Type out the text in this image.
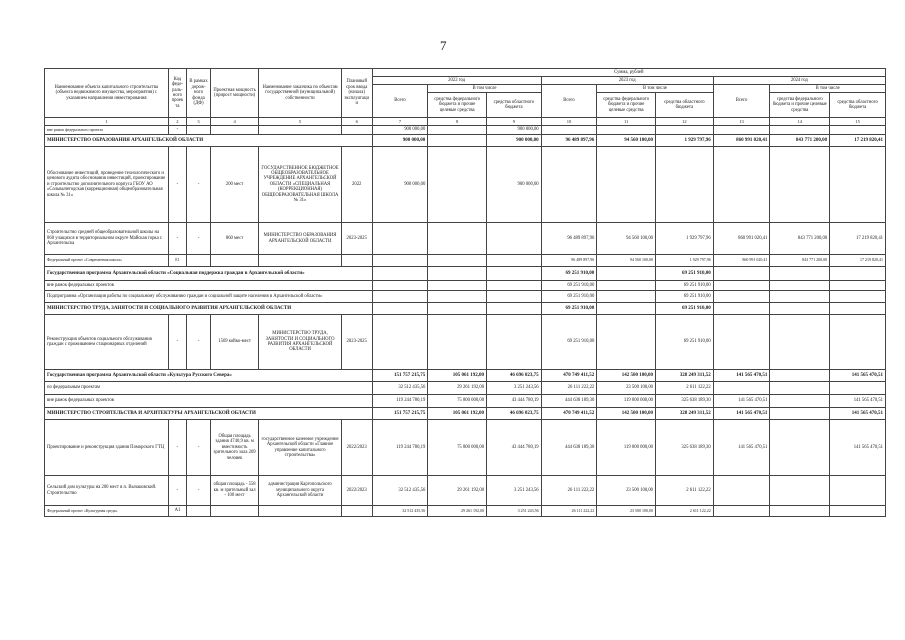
7
Наименование объекта капитального строительства (объекта недвижимого имущества, мероприятия) с указанием направления инвестирования	Код феде-раль-ного проекта	В рамках дорож-ного фонда (ДФ)	Проектная мощность (прирост мощности)	Наименование заказчика по объектам государственной (муниципальной) собственности	Плановый срок ввода (начала) эксплуатации	Сумма, рублей								
						2022 год			2023 год			2024 год		
						Всего	В том числе		Всего	В том числе		Всего	В том числе	
							средства федерального бюджета и прочие целевые средства	средства областного бюджета		средства федерального бюджета и прочие целевые средства	средства областного бюджета		средства федерального бюджета и прочие целевые средства	средства областного бюджета
1	2	3	4	5	6	7	8	9	10	11	12	13	14	15
вне рамок федерального проекта	-					900 000,00		900 000,00						
МИНИСТЕРСТВО ОБРАЗОВАНИЯ АРХАНГЕЛЬСКОЙ ОБЛАСТИ						900 000,00		900 000,00	96 489 897,96	94 560 100,00	1 929 797,96	860 991 020,41	843 771 200,00	17 219 820,41
Обоснование инвестиций, проведение технологического и ценового аудита обоснования инвестиций, проектирование и строительство дополнительного корпуса ГБОУ АО «Сольвычегодская (коррекционная) общеобразовательная школа № 31»	-	-	200 мест	ГОСУДАРСТВЕННОЕ БЮДЖЕТНОЕ ОБЩЕОБРАЗОВАТЕЛЬНОЕ УЧРЕЖДЕНИЕ АРХАНГЕЛЬСКОЙ ОБЛАСТИ «СПЕЦИАЛЬНАЯ (КОРРЕКЦИОННАЯ) ОБЩЕОБРАЗОВАТЕЛЬНАЯ ШКОЛА № 31»	2022	900 000,00		900 000,00						
Строительство средней общеобразовательной школы на 860 учащихся в территориальном округе Майская горка г. Архангельска	-	-	860 мест	МИНИСТЕРСТВО ОБРАЗОВАНИЯ АРХАНГЕЛЬСКОЙ ОБЛАСТИ	2023-2025				96 489 897,96	94 560 100,00	1 929 797,96	860 991 020,41	843 771 200,00	17 219 820,41
Федеральный проект «Современная школа»	E1								96 489 897,96	94 560 100,00	1 929 797,96	860 991 020,41	843 771 200,00	17 219 820,41
Государственная программа Архангельской области «Социальная поддержка граждан в Архангельской области»									69 251 910,00		69 251 910,00			
вне рамок федеральных проектов									69 251 910,00		69 251 910,00			
Подпрограмма «Организация работы по социальному обслуживанию граждан и социальной защите населения в Архангельской области»									69 251 910,00		69 251 910,00			
МИНИСТЕРСТВО ТРУДА, ЗАНЯТОСТИ И СОЦИАЛЬНОГО РАЗВИТИЯ АРХАНГЕЛЬСКОЙ ОБЛАСТИ									69 251 910,00		69 251 910,00			
Реконструкция объектов социального обслуживания граждан с проживанием стационарных отделений	-	-	1569 койко-мест	МИНИСТЕРСТВО ТРУДА, ЗАНЯТОСТИ И СОЦИАЛЬНОГО РАЗВИТИЯ АРХАНГЕЛЬСКОЙ ОБЛАСТИ	2023-2025				69 251 910,00		69 251 910,00			
Государственная программа Архангельской области «Культура Русского Севера»						151 757 215,75	105 061 192,00	46 696 023,75	470 749 411,52	142 500 100,00	328 249 311,52	141 565 470,51		141 565 470,51
по федеральным проектам						32 512 435,56	29 261 192,00	3 251 243,56	26 111 222,22	23 500 100,00	2 611 122,22			
вне рамок федеральных проектов						119 244 780,19	75 800 000,00	43 444 780,19	444 638 189,30	119 000 000,00	325 638 189,30	141 565 470,51		141 565 470,51
МИНИСТЕРСТВО СТРОИТЕЛЬСТВА И АРХИТЕКТУРЫ АРХАНГЕЛЬСКОЙ ОБЛАСТИ						151 757 215,75	105 061 192,00	46 696 023,75	470 749 411,52	142 500 100,00	328 249 311,52	141 565 470,51		141 565 470,51
Проектирование и реконструкция здания Поморского ГТЦ	-	-	Общая площадь здания 4740,9 кв. м вместимость зрительного зала 269 человек	государственное казенное учреждение Архангельской области «Главное управление капитального строительства»	2022/2023	119 244 780,19	75 800 000,00	43 444 780,19	444 638 189,30	119 000 000,00	325 638 189,30	141 565 470,51		141 565 470,51
Сельский дом культуры на 200 мест в п. Вычаковский. Строительство	-	-	общая площадь - 558 кв. м зрительный зал - 100 мест	администрация Каргопольского муниципального округа Архангельской области	2022/2023	32 512 435,56	29 261 192,00	3 251 243,56	26 111 222,22	23 500 100,00	2 611 122,22			
Федеральный проект «Культурная среда»	A1					32 512 435,56	29 261 192,00	3 251 243,56	26 111 222,22	23 500 100,00	2 611 122,22			
